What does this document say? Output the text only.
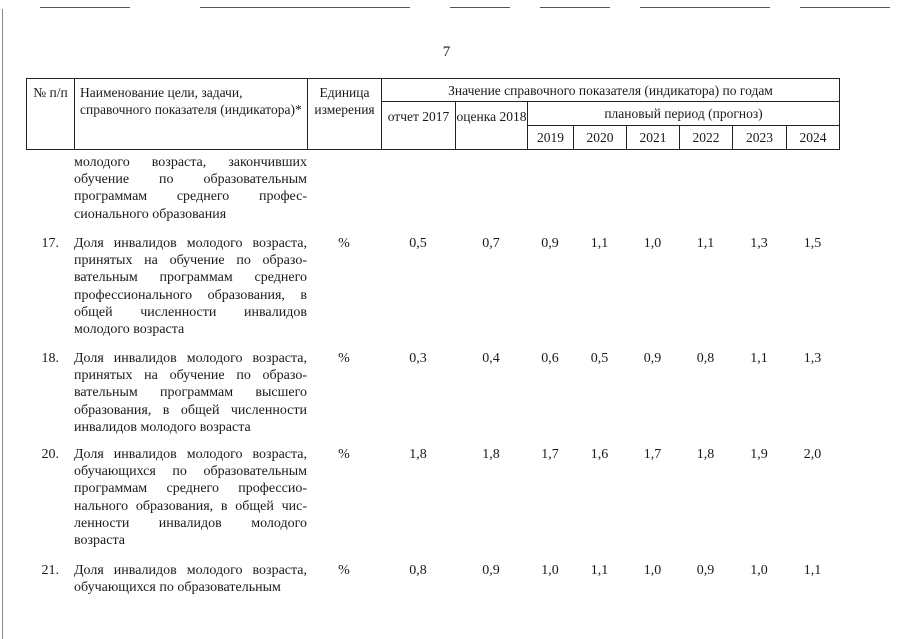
7
№ п/п	Наименование цели, задачи, справочного показателя (индикатора)*	Единица измерения	Значение справочного показателя (индикатора) по годам							
			отчет 2017	оценка 2018	плановый период (прогноз)					
					2019	2020	2021	2022	2023	2024
молодого возраста, закончивших
обучение по образовательным
программам среднего профес-
сионального образования
17. Доля инвалидов молодого возраста,
принятых на обучение по образо-
вательным программам среднего
профессионального образования, в
общей численности инвалидов
молодого возраста
%	0,5	0,7	0,9	1,1	1,0	1,1	1,3	1,5
18. Доля инвалидов молодого возраста,
принятых на обучение по образо-
вательным программам высшего
образования, в общей численности
инвалидов молодого возраста
%	0,3	0,4	0,6	0,5	0,9	0,8	1,1	1,3
20. Доля инвалидов молодого возраста,
обучающихся по образовательным
программам среднего профессио-
нального образования, в общей чис-
ленности инвалидов молодого
возраста
%	1,8	1,8	1,7	1,6	1,7	1,8	1,9	2,0
21. Доля инвалидов молодого возраста,
обучающихся по образовательным
%	0,8	0,9	1,0	1,1	1,0	0,9	1,0	1,1
